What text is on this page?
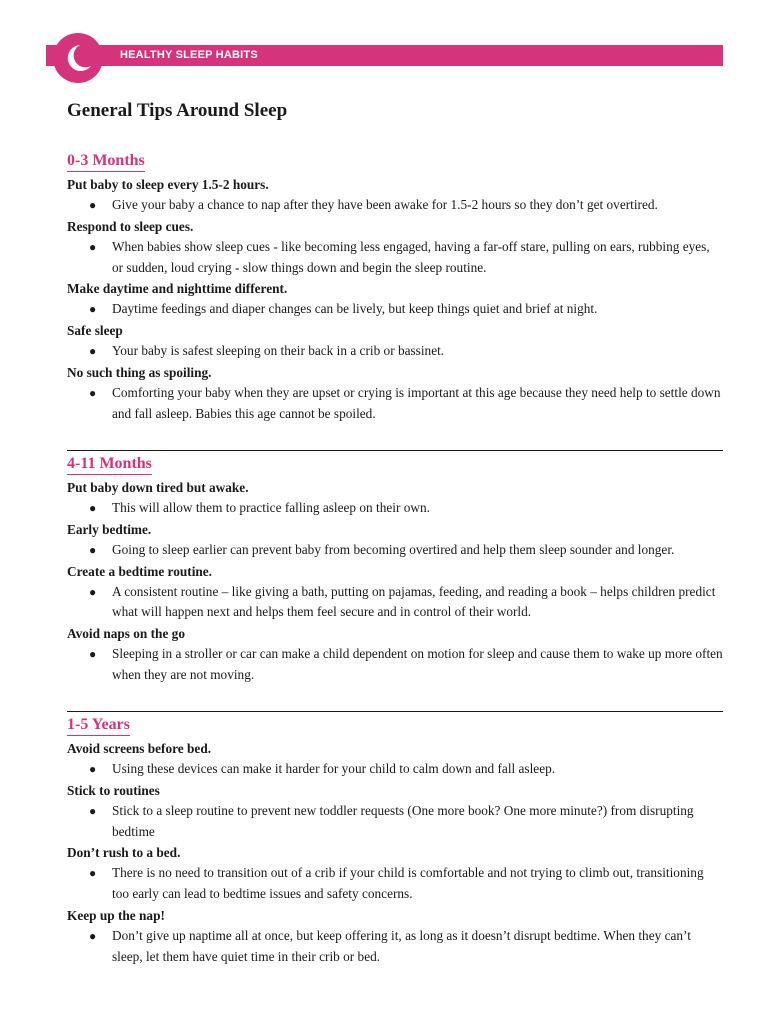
HEALTHY SLEEP HABITS
General Tips Around Sleep
0-3 Months

Put baby to sleep every 1.5-2 hours.

● Give your baby a chance to nap after they have been awake for 1.5-2 hours so they don’t get overtired.

Respond to sleep cues.

● When babies show sleep cues - like becoming less engaged, having a far-off stare, pulling on ears, rubbing eyes, or sudden, loud crying - slow things down and begin the sleep routine.

Make daytime and nighttime different.

● Daytime feedings and diaper changes can be lively, but keep things quiet and brief at night.

Safe sleep

● Your baby is safest sleeping on their back in a crib or bassinet.

No such thing as spoiling.

● Comforting your baby when they are upset or crying is important at this age because they need help to settle down and fall asleep. Babies this age cannot be spoiled.
4-11 Months

Put baby down tired but awake.

● This will allow them to practice falling asleep on their own.

Early bedtime.

● Going to sleep earlier can prevent baby from becoming overtired and help them sleep sounder and longer.

Create a bedtime routine.

● A consistent routine – like giving a bath, putting on pajamas, feeding, and reading a book – helps children predict what will happen next and helps them feel secure and in control of their world.

Avoid naps on the go

● Sleeping in a stroller or car can make a child dependent on motion for sleep and cause them to wake up more often when they are not moving.
1-5 Years

Avoid screens before bed.

● Using these devices can make it harder for your child to calm down and fall asleep.

Stick to routines

● Stick to a sleep routine to prevent new toddler requests (One more book? One more minute?) from disrupting bedtime

Don’t rush to a bed.

● There is no need to transition out of a crib if your child is comfortable and not trying to climb out, transitioning too early can lead to bedtime issues and safety concerns.

Keep up the nap!

● Don’t give up naptime all at once, but keep offering it, as long as it doesn’t disrupt bedtime. When they can’t sleep, let them have quiet time in their crib or bed.
